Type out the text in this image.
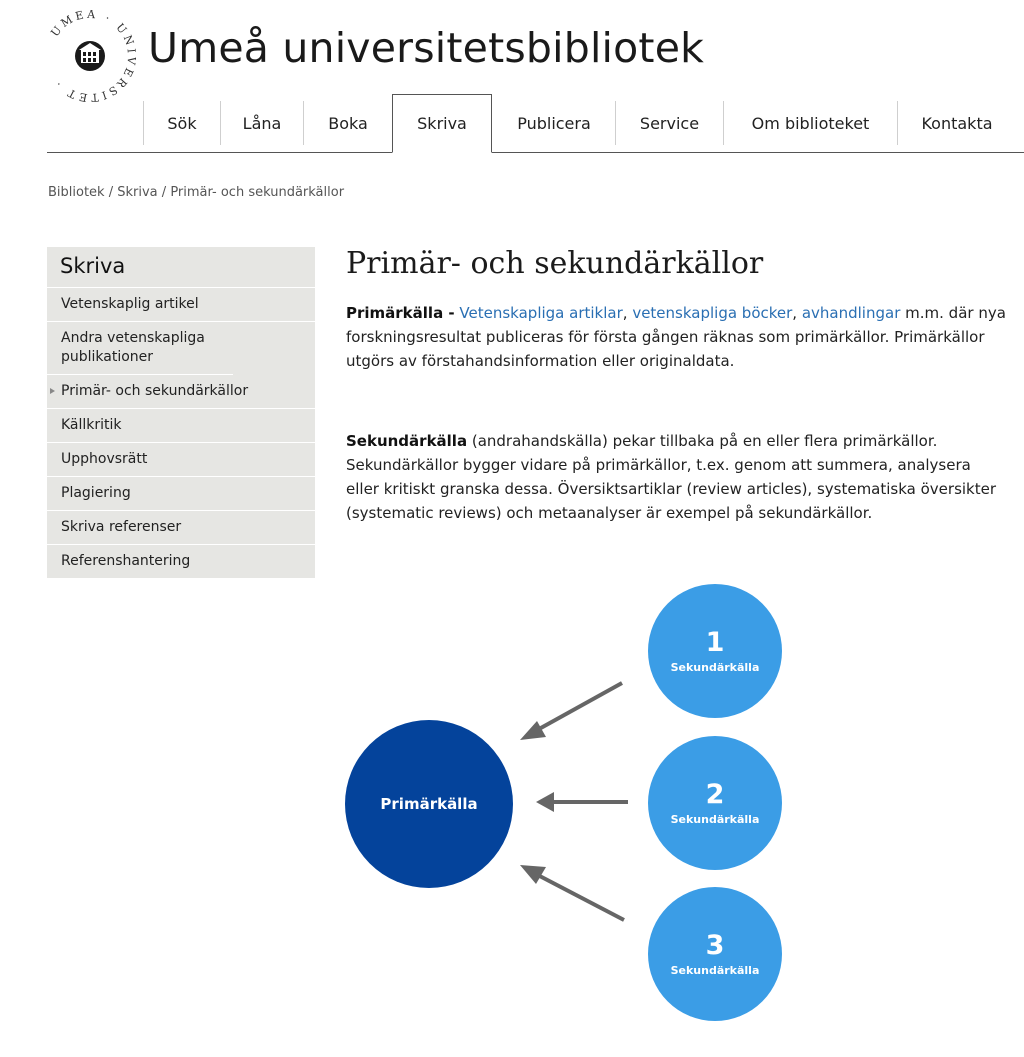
UMEÅ · UN ERSITET ·
Umeå universitetsbibliotek
Sök	Låna	Boka	Skriva	Publicera	Service	Om biblioteket	Kontakta
Bibliotek / Skriva / Primär- och sekundärkällor
Skriva
Vetenskaplig artikel
Andra vetenskapliga publikationer
Primär- och sekundärkällor
Källkritik
Upphovsrätt
Plagiering
Skriva referenser
Referenshantering
Primär- och sekundärkällor
Primärkälla - Vetenskapliga artiklar, vetenskapliga böcker, avhandlingar m.m. där nya forskningsresultat publiceras för första gången räknas som primärkällor. Primärkällor utgörs av förstahandsinformation eller originaldata.
Sekundärkälla (andrahandskälla) pekar tillbaka på en eller flera primärkällor. Sekundärkällor bygger vidare på primärkällor, t.ex. genom att summera, analysera eller kritiskt granska dessa. Översiktsartiklar (review articles), systematiska översikter (systematic reviews) och metaanalyser är exempel på sekundärkällor.
Primärkälla
1
Sekundärkälla
2
Sekundärkälla
3
Sekundärkälla
